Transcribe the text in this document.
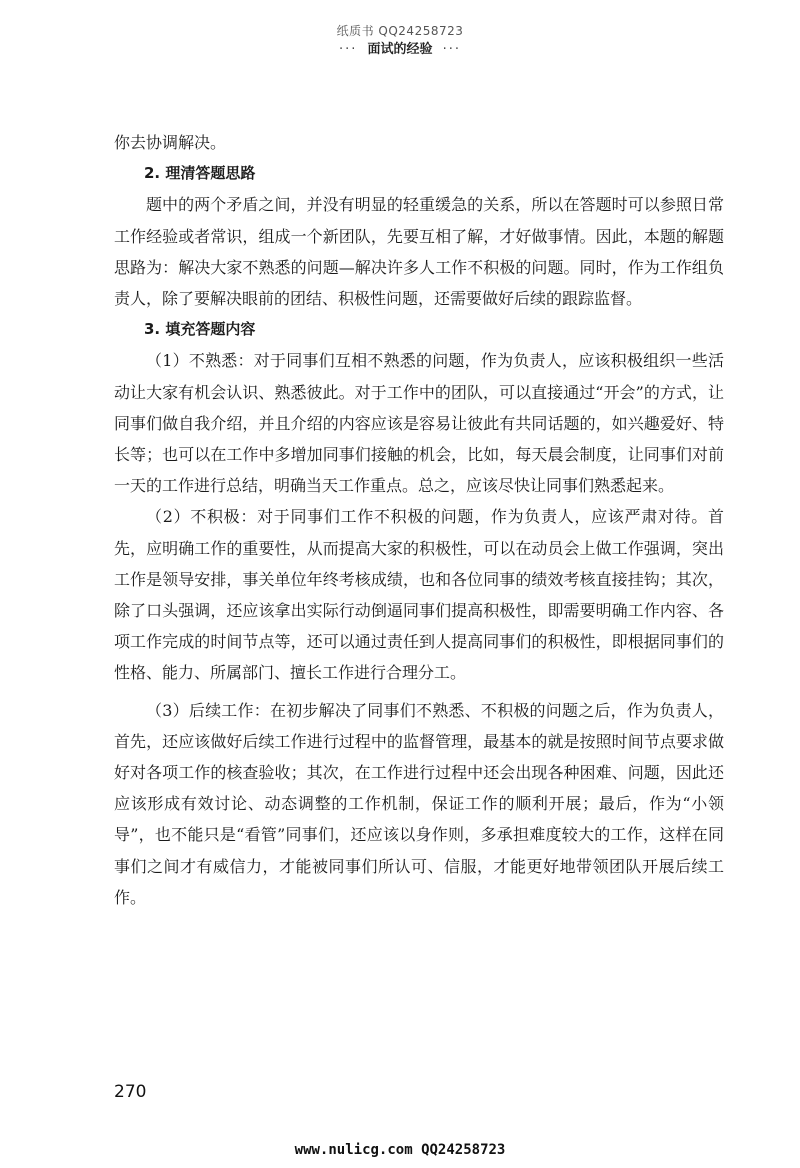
纸质书 QQ24258723
··· 面试的经验 ···

你去协调解决。

2. 理清答题思路

题中的两个矛盾之间，并没有明显的轻重缓急的关系，所以在答题时可以参照日常工作经验或者常识，组成一个新团队，先要互相了解，才好做事情。因此，本题的解题思路为：解决大家不熟悉的问题—解决许多人工作不积极的问题。同时，作为工作组负责人，除了要解决眼前的团结、积极性问题，还需要做好后续的跟踪监督。

3. 填充答题内容

（1）不熟悉：对于同事们互相不熟悉的问题，作为负责人，应该积极组织一些活动让大家有机会认识、熟悉彼此。对于工作中的团队，可以直接通过“开会”的方式，让同事们做自我介绍，并且介绍的内容应该是容易让彼此有共同话题的，如兴趣爱好、特长等；也可以在工作中多增加同事们接触的机会，比如，每天晨会制度，让同事们对前一天的工作进行总结，明确当天工作重点。总之，应该尽快让同事们熟悉起来。

（2）不积极：对于同事们工作不积极的问题，作为负责人，应该严肃对待。首先，应明确工作的重要性，从而提高大家的积极性，可以在动员会上做工作强调，突出工作是领导安排，事关单位年终考核成绩，也和各位同事的绩效考核直接挂钩；其次，除了口头强调，还应该拿出实际行动倒逼同事们提高积极性，即需要明确工作内容、各项工作完成的时间节点等，还可以通过责任到人提高同事们的积极性，即根据同事们的性格、能力、所属部门、擅长工作进行合理分工。

（3）后续工作：在初步解决了同事们不熟悉、不积极的问题之后，作为负责人，首先，还应该做好后续工作进行过程中的监督管理，最基本的就是按照时间节点要求做好对各项工作的核查验收；其次，在工作进行过程中还会出现各种困难、问题，因此还应该形成有效讨论、动态调整的工作机制，保证工作的顺利开展；最后，作为“小领导”，也不能只是“看管”同事们，还应该以身作则，多承担难度较大的工作，这样在同事们之间才有威信力，才能被同事们所认可、信服，才能更好地带领团队开展后续工作。

270
www.nulicg.com QQ24258723
